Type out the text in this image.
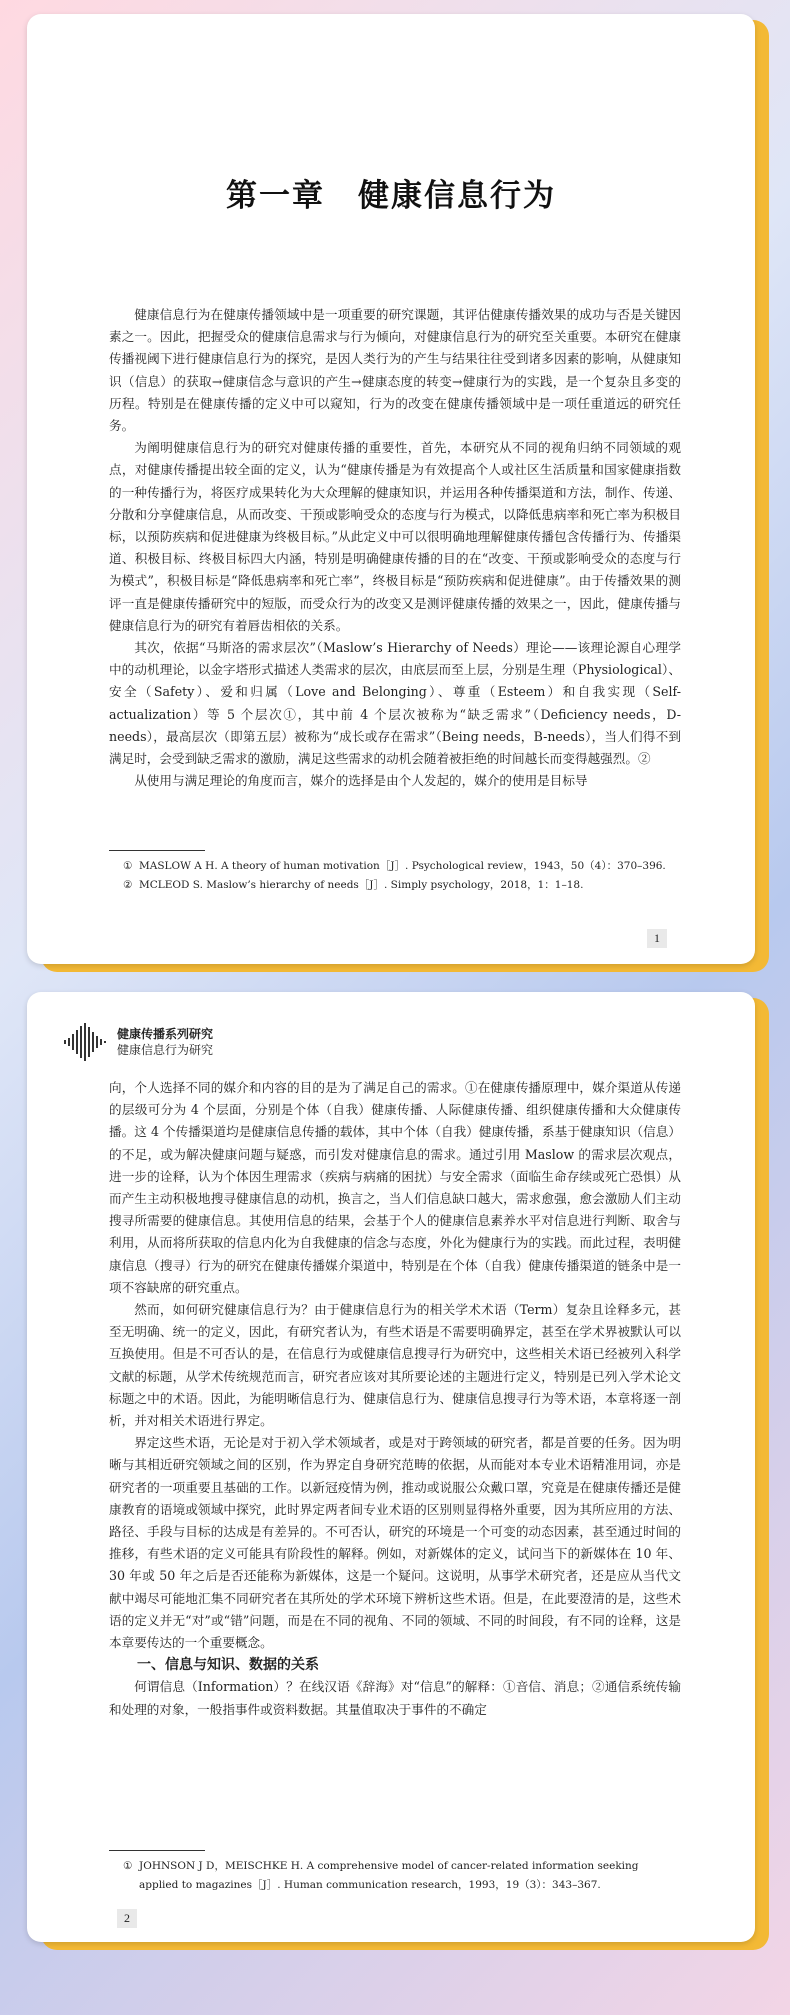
第一章　健康信息行为

健康信息行为在健康传播领域中是一项重要的研究课题，其评估健康传播效果的成功与否是关键因素之一。因此，把握受众的健康信息需求与行为倾向，对健康信息行为的研究至关重要。本研究在健康传播视阈下进行健康信息行为的探究，是因人类行为的产生与结果往往受到诸多因素的影响，从健康知识（信息）的获取→健康信念与意识的产生→健康态度的转变→健康行为的实践，是一个复杂且多变的历程。特别是在健康传播的定义中可以窥知，行为的改变在健康传播领域中是一项任重道远的研究任务。

为阐明健康信息行为的研究对健康传播的重要性，首先，本研究从不同的视角归纳不同领域的观点，对健康传播提出较全面的定义，认为“健康传播是为有效提高个人或社区生活质量和国家健康指数的一种传播行为，将医疗成果转化为大众理解的健康知识，并运用各种传播渠道和方法，制作、传递、分散和分享健康信息，从而改变、干预或影响受众的态度与行为模式，以降低患病率和死亡率为积极目标，以预防疾病和促进健康为终极目标。”从此定义中可以很明确地理解健康传播包含传播行为、传播渠道、积极目标、终极目标四大内涵，特别是明确健康传播的目的在“改变、干预或影响受众的态度与行为模式”，积极目标是“降低患病率和死亡率”，终极目标是“预防疾病和促进健康”。由于传播效果的测评一直是健康传播研究中的短版，而受众行为的改变又是测评健康传播的效果之一，因此，健康传播与健康信息行为的研究有着唇齿相依的关系。

其次，依据“马斯洛的需求层次”（Maslow’s Hierarchy of Needs）理论——该理论源自心理学中的动机理论，以金字塔形式描述人类需求的层次，由底层而至上层，分别是生理（Physiological）、安全（Safety）、爱和归属（Love and Belonging）、尊重（Esteem）和自我实现（Self-actualization）等 5 个层次①，其中前 4 个层次被称为“缺乏需求”（Deficiency needs，D-needs），最高层次（即第五层）被称为“成长或存在需求”（Being needs，B-needs），当人们得不到满足时，会受到缺乏需求的激励，满足这些需求的动机会随着被拒绝的时间越长而变得越强烈。②

从使用与满足理论的角度而言，媒介的选择是由个人发起的，媒介的使用是目标导

① MASLOW A H. A theory of human motivation［J］. Psychological review，1943，50（4）：370–396.
② MCLEOD S. Maslow’s hierarchy of needs［J］. Simply psychology，2018，1：1–18.
1
健康传播系列研究
健康信息行为研究

向，个人选择不同的媒介和内容的目的是为了满足自己的需求。①在健康传播原理中，媒介渠道从传递的层级可分为 4 个层面，分别是个体（自我）健康传播、人际健康传播、组织健康传播和大众健康传播。这 4 个传播渠道均是健康信息传播的载体，其中个体（自我）健康传播，系基于健康知识（信息）的不足，或为解决健康问题与疑惑，而引发对健康信息的需求。通过引用 Maslow 的需求层次观点，进一步的诠释，认为个体因生理需求（疾病与病痛的困扰）与安全需求（面临生命存续或死亡恐惧）从而产生主动积极地搜寻健康信息的动机，换言之，当人们信息缺口越大，需求愈强，愈会激励人们主动搜寻所需要的健康信息。其使用信息的结果，会基于个人的健康信息素养水平对信息进行判断、取舍与利用，从而将所获取的信息内化为自我健康的信念与态度，外化为健康行为的实践。而此过程，表明健康信息（搜寻）行为的研究在健康传播媒介渠道中，特别是在个体（自我）健康传播渠道的链条中是一项不容缺席的研究重点。

然而，如何研究健康信息行为？由于健康信息行为的相关学术术语（Term）复杂且诠释多元，甚至无明确、统一的定义，因此，有研究者认为，有些术语是不需要明确界定，甚至在学术界被默认可以互换使用。但是不可否认的是，在信息行为或健康信息搜寻行为研究中，这些相关术语已经被列入科学文献的标题，从学术传统规范而言，研究者应该对其所要论述的主题进行定义，特别是已列入学术论文标题之中的术语。因此，为能明晰信息行为、健康信息行为、健康信息搜寻行为等术语，本章将逐一剖析，并对相关术语进行界定。

界定这些术语，无论是对于初入学术领域者，或是对于跨领域的研究者，都是首要的任务。因为明晰与其相近研究领域之间的区别，作为界定自身研究范畴的依据，从而能对本专业术语精准用词，亦是研究者的一项重要且基础的工作。以新冠疫情为例，推动或说服公众戴口罩，究竟是在健康传播还是健康教育的语境或领域中探究，此时界定两者间专业术语的区别则显得格外重要，因为其所应用的方法、路径、手段与目标的达成是有差异的。不可否认，研究的环境是一个可变的动态因素，甚至通过时间的推移，有些术语的定义可能具有阶段性的解释。例如，对新媒体的定义，试问当下的新媒体在 10 年、30 年或 50 年之后是否还能称为新媒体，这是一个疑问。这说明，从事学术研究者，还是应从当代文献中竭尽可能地汇集不同研究者在其所处的学术环境下辨析这些术语。但是，在此要澄清的是，这些术语的定义并无“对”或“错”问题，而是在不同的视角、不同的领域、不同的时间段，有不同的诠释，这是本章要传达的一个重要概念。

一、信息与知识、数据的关系

何谓信息（Information）？在线汉语《辞海》对“信息”的解释：①音信、消息；②通信系统传输和处理的对象，一般指事件或资料数据。其量值取决于事件的不确定

① JOHNSON J D，MEISCHKE H. A comprehensive model of cancer-related information seeking applied to magazines［J］. Human communication research，1993，19（3）：343–367.
2
